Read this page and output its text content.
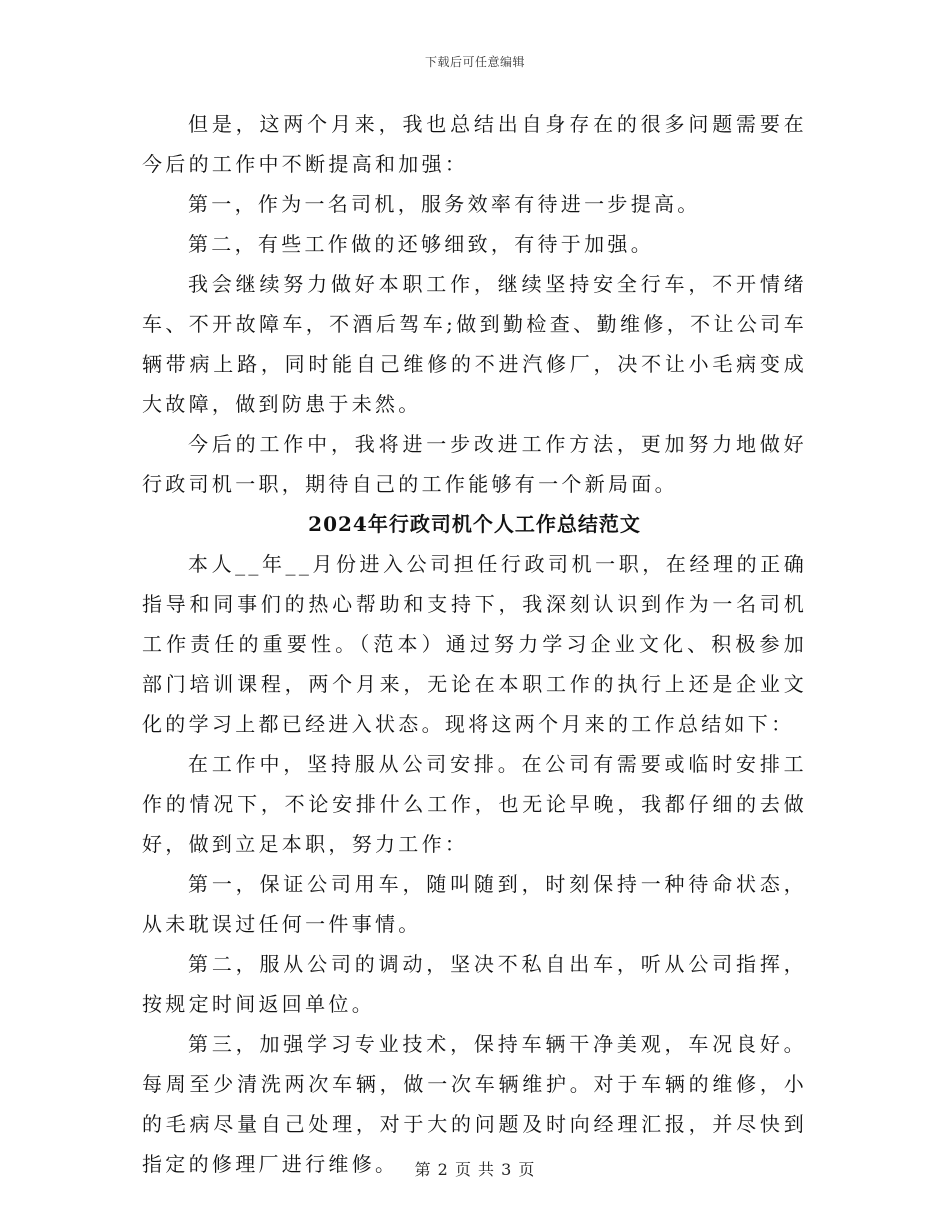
下载后可任意编辑

但是，这两个月来，我也总结出自身存在的很多问题需要在今后的工作中不断提高和加强：

第一，作为一名司机，服务效率有待进一步提高。

第二，有些工作做的还够细致，有待于加强。

我会继续努力做好本职工作，继续坚持安全行车，不开情绪车、不开故障车，不酒后驾车;做到勤检查、勤维修，不让公司车辆带病上路，同时能自己维修的不进汽修厂，决不让小毛病变成大故障，做到防患于未然。

今后的工作中，我将进一步改进工作方法，更加努力地做好行政司机一职，期待自己的工作能够有一个新局面。

2024年行政司机个人工作总结范文

本人__年__月份进入公司担任行政司机一职，在经理的正确指导和同事们的热心帮助和支持下，我深刻认识到作为一名司机工作责任的重要性。（范本）通过努力学习企业文化、积极参加部门培训课程，两个月来，无论在本职工作的执行上还是企业文化的学习上都已经进入状态。现将这两个月来的工作总结如下：

在工作中，坚持服从公司安排。在公司有需要或临时安排工作的情况下，不论安排什么工作，也无论早晚，我都仔细的去做好，做到立足本职，努力工作：

第一，保证公司用车，随叫随到，时刻保持一种待命状态，从未耽误过任何一件事情。

第二，服从公司的调动，坚决不私自出车，听从公司指挥，按规定时间返回单位。

第三，加强学习专业技术，保持车辆干净美观，车况良好。每周至少清洗两次车辆，做一次车辆维护。对于车辆的维修，小的毛病尽量自己处理，对于大的问题及时向经理汇报，并尽快到指定的修理厂进行维修。	第 2 页 共 3 页
